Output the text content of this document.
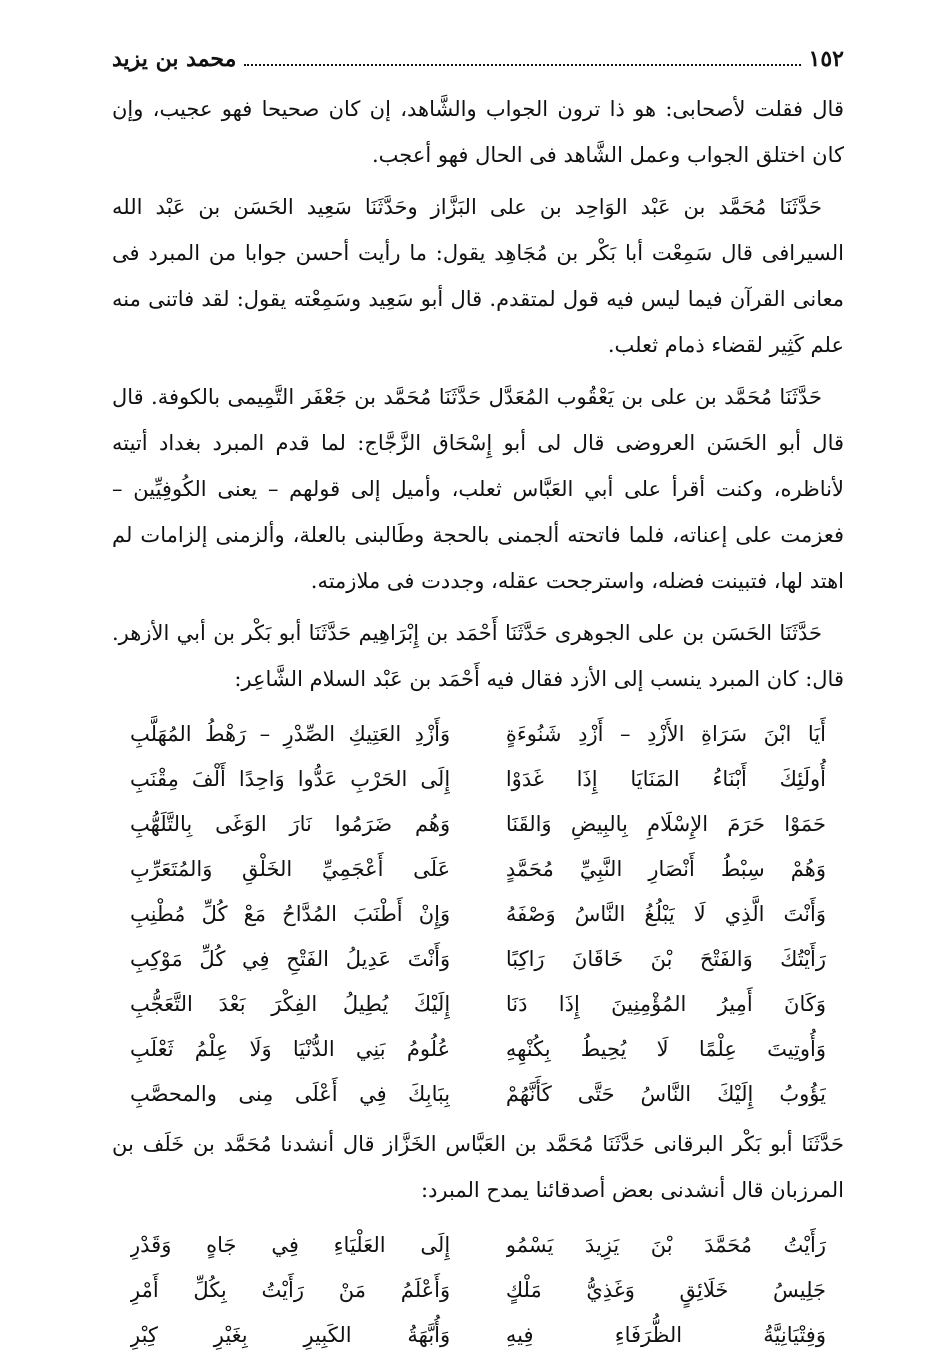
١٥٢
محمد بن يزيد

قال فقلت لأصحابى: هو ذا ترون الجواب والشَّاهد، إن كان صحيحا فهو عجيب، وإن كان اختلق الجواب وعمل الشَّاهد فى الحال فهو أعجب.

حَدَّثَنَا مُحَمَّد بن عَبْد الوَاحِد بن على البَزَّاز وحَدَّثَنَا سَعِيد الحَسَن بن عَبْد الله السيرافى قال سَمِعْت أبا بَكْر بن مُجَاهِد يقول: ما رأيت أحسن جوابا من المبرد فى معانى القرآن فيما ليس فيه قول لمتقدم. قال أبو سَعِيد وسَمِعْته يقول: لقد فاتنى منه علم كَثِير لقضاء ذمام ثعلب.

حَدَّثَنَا مُحَمَّد بن على بن يَعْقُوب المُعَدَّل حَدَّثَنَا مُحَمَّد بن جَعْفَر التَّمِيمى بالكوفة. قال قال أبو الحَسَن العروضى قال لى أبو إِسْحَاق الزَّجَّاج: لما قدم المبرد بغداد أتيته لأناظره، وكنت أقرأ على أبي العَبَّاس ثعلب، وأميل إلى قولهم – يعنى الكُوفِيِّين – فعزمت على إعناته، فلما فاتحته ألجمنى بالحجة وطَالبنى بالعلة، وألزمنى إلزامات لم اهتد لها، فتبينت فضله، واسترجحت عقله، وجددت فى ملازمته.

حَدَّثَنَا الحَسَن بن على الجوهرى حَدَّثَنَا أَحْمَد بن إِبْرَاهِيم حَدَّثَنَا أبو بَكْر بن أبي الأزهر. قال: كان المبرد ينسب إلى الأزد فقال فيه أَحْمَد بن عَبْد السلام الشَّاعِر:

أَيَا ابْنَ سَرَاةِ الأَزْدِ – أَزْدِ شَنُوءَةٍ
وَأَزْدِ العَتِيكِ الصِّدْرِ – رَهْطُ المُهَلَّبِ
أُولَئِكَ أَبْنَاءُ المَنَايَا إِذَا غَدَوْا
إِلَى الحَرْبِ عَدُّوا وَاحِدًا أَلْفَ مِقْنَبِ
حَمَوْا حَرَمَ الإِسْلَامِ بِالبِيضِ وَالقَنَا
وَهُم ضَرَمُوا نَارَ الوَغَى بِالتَّلَهُّبِ
وَهُمْ سِبْطُ أَنْصَارِ النَّبِيِّ مُحَمَّدٍ
عَلَى أَعْجَمِيِّ الخَلْقِ وَالمُتَعَرِّبِ
وَأَنْتَ الَّذِي لَا يَبْلُغُ النَّاسُ وَصْفَهُ
وَإِنْ أَطْنَبَ المُدَّاحُ مَعْ كُلِّ مُطْنِبِ
رَأَيْتُكَ وَالفَتْحَ بْنَ خَاقَانَ رَاكِبًا
وَأَنْتَ عَدِيلُ الفَتْحِ فِي كُلِّ مَوْكِبِ
وَكَانَ أَمِيرُ المُؤْمِنِينَ إِذَا دَنَا
إِلَيْكَ يُطِيلُ الفِكْرَ بَعْدَ التَّعَجُّبِ
وَأُوتِيتَ عِلْمًا لَا يُحِيطُ بِكُنْهِهِ
عُلُومُ بَنِي الدُّنْيَا وَلَا عِلْمُ ثَعْلَبِ
يَؤُوبُ إِلَيْكَ النَّاسُ حَتَّى كَأَنَّهُمْ
بِبَابِكَ فِي أَعْلَى مِنى والمحصَّبِ

حَدَّثَنَا أبو بَكْر البرقانى حَدَّثَنَا مُحَمَّد بن العَبَّاس الخَزَّاز قال أنشدنا مُحَمَّد بن خَلَف بن المرزبان قال أنشدنى بعض أصدقائنا يمدح المبرد:

رَأَيْتُ مُحَمَّدَ بْنَ يَزِيدَ يَسْمُو
إِلَى العَلْيَاءِ فِي جَاهٍ وَقَدْرِ
جَلِيسُ خَلَائِقٍ وَغَذِيُّ مَلْكٍ
وَأَعْلَمُ مَنْ رَأَيْتُ بِكُلِّ أَمْرِ
وَفِتْيَانِيَّةُ الظُّرَفَاءِ فِيهِ
وَأُبَّهَةُ الكَبِيرِ بِغَيْرِ كِبْرِ
